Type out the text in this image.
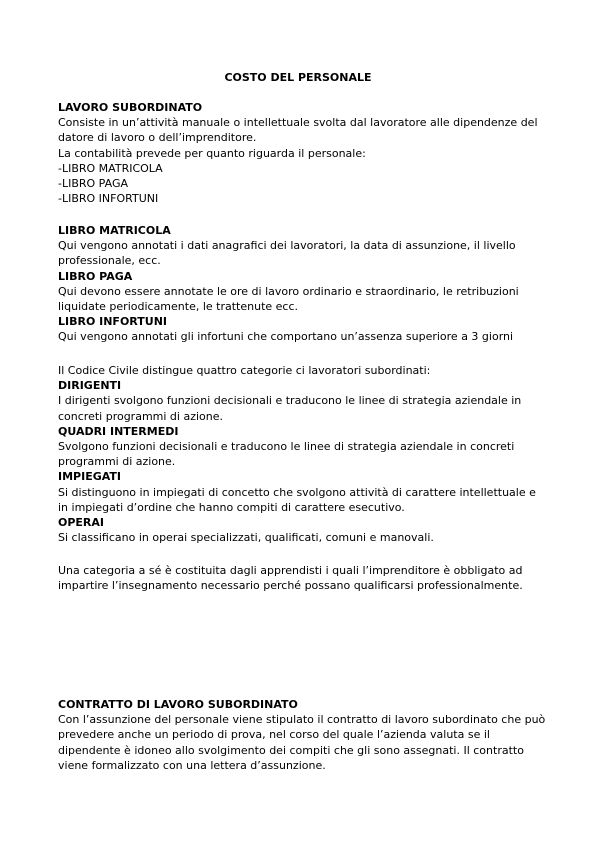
COSTO DEL PERSONALE

LAVORO SUBORDINATO

Consiste in un’attività manuale o intellettuale svolta dal lavoratore alle dipendenze del datore di lavoro o dell’imprenditore.

La contabilità prevede per quanto riguarda il personale:

-LIBRO MATRICOLA

-LIBRO PAGA

-LIBRO INFORTUNI

LIBRO MATRICOLA

Qui vengono annotati i dati anagrafici dei lavoratori, la data di assunzione, il livello professionale, ecc.

LIBRO PAGA

Qui devono essere annotate le ore di lavoro ordinario e straordinario, le retribuzioni liquidate periodicamente, le trattenute ecc.

LIBRO INFORTUNI

Qui vengono annotati gli infortuni che comportano un’assenza superiore a 3 giorni

Il Codice Civile distingue quattro categorie ci lavoratori subordinati:

DIRIGENTI

I dirigenti svolgono funzioni decisionali e traducono le linee di strategia aziendale in concreti programmi di azione.

QUADRI INTERMEDI

Svolgono funzioni decisionali e traducono le linee di strategia aziendale in concreti programmi di azione.

IMPIEGATI

Si distinguono in impiegati di concetto che svolgono attività di carattere intellettuale e in impiegati d’ordine che hanno compiti di carattere esecutivo.

OPERAI

Si classificano in operai specializzati, qualificati, comuni e manovali.

Una categoria a sé è costituita dagli apprendisti i quali l’imprenditore è obbligato ad impartire l’insegnamento necessario perché possano qualificarsi professionalmente.

CONTRATTO DI LAVORO SUBORDINATO

Con l’assunzione del personale viene stipulato il contratto di lavoro subordinato che può prevedere anche un periodo di prova, nel corso del quale l’azienda valuta se il dipendente è idoneo allo svolgimento dei compiti che gli sono assegnati. Il contratto viene formalizzato con una lettera d’assunzione.
